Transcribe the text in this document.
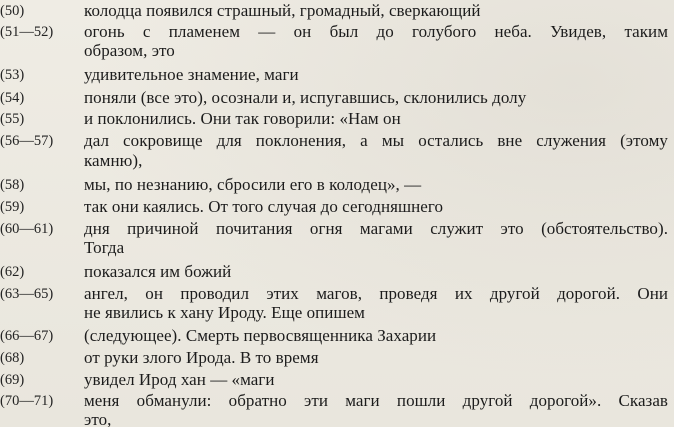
(50)	колодца появился страшный, громадный, сверкающий
(51—52)	огонь с пламенем — он был до голубого неба. Увидев, таким
образом, это
(53)	удивительное знамение, маги
(54)	поняли (все это), осознали и, испугавшись, склонились долу
(55)	и поклонились. Они так говорили: «Нам он
(56—57)	дал сокровище для поклонения, а мы остались вне служения (этому
камню),
(58)	мы, по незнанию, сбросили его в колодец», —
(59)	так они каялись. От того случая до сегодняшнего
(60—61)	дня причиной почитания огня магами служит это (обстоятельство).
Тогда
(62)	показался им божий
(63—65)	ангел, он проводил этих магов, проведя их другой дорогой. Они
не явились к хану Ироду. Еще опишем
(66—67)	(следующее). Смерть первосвященника Захарии
(68)	от руки злого Ирода. В то время
(69)	увидел Ирод хан — «маги
(70—71)	меня обманули: обратно эти маги пошли другой дорогой». Сказав
это,
